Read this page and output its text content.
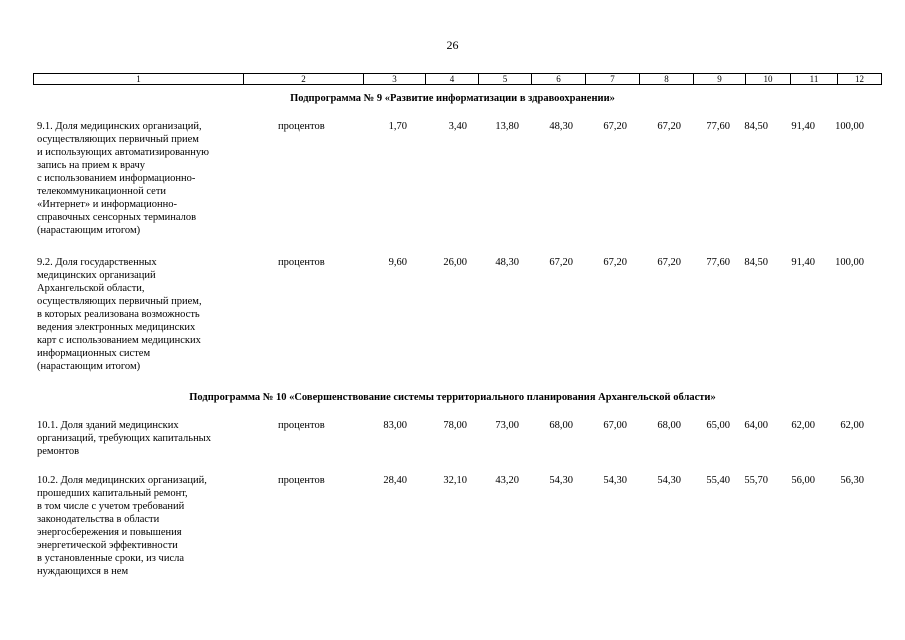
26
1	2	3	4	5	6	7	8	9	10	11	12
Подпрограмма № 9 «Развитие информатизации в здравоохранении»
9.1. Доля медицинских организаций,
осуществляющих первичный прием
и использующих автоматизированную
запись на прием к врачу
с использованием информационно-
телекоммуникационной сети
«Интернет» и информационно-
справочных сенсорных терминалов
(нарастающим итогом)
процентов	1,70	3,40	13,80	48,30	67,20	67,20	77,60	84,50	91,40	100,00
9.2. Доля государственных
медицинских организаций
Архангельской области,
осуществляющих первичный прием,
в которых реализована возможность
ведения электронных медицинских
карт с использованием медицинских
информационных систем
(нарастающим итогом)
процентов	9,60	26,00	48,30	67,20	67,20	67,20	77,60	84,50	91,40	100,00
Подпрограмма № 10 «Совершенствование системы территориального планирования Архангельской области»
10.1. Доля зданий медицинских
организаций, требующих капитальных
ремонтов
процентов	83,00	78,00	73,00	68,00	67,00	68,00	65,00	64,00	62,00	62,00
10.2. Доля медицинских организаций,
прошедших капитальный ремонт,
в том числе с учетом требований
законодательства в области
энергосбережения и повышения
энергетической эффективности
в установленные сроки, из числа
нуждающихся в нем
процентов	28,40	32,10	43,20	54,30	54,30	54,30	55,40	55,70	56,00	56,30
